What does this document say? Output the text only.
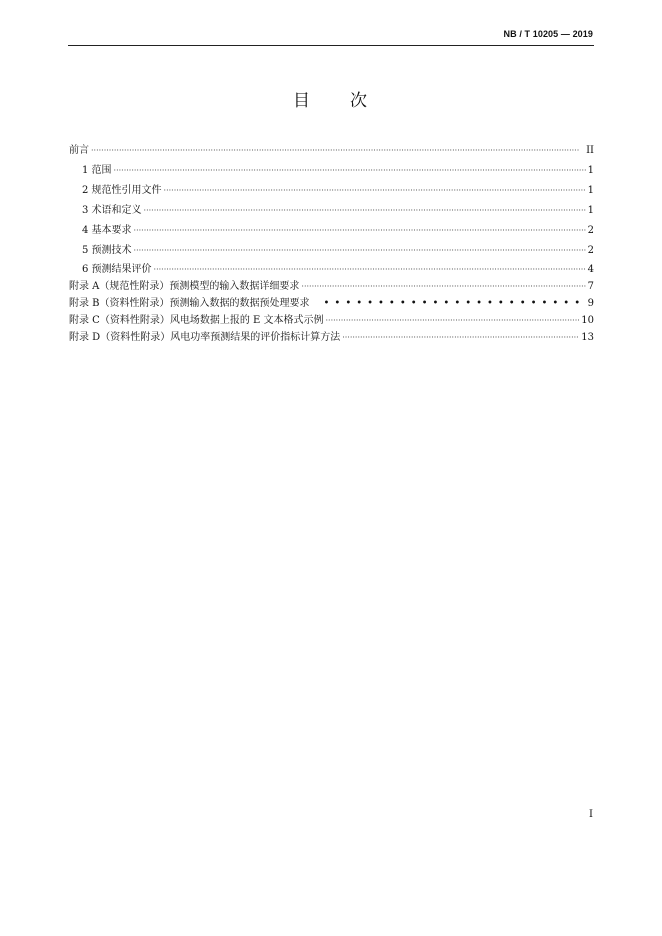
NB / T 10205 — 2019
目 次
前言 ·····	II
1 范围 ·····	1
2 规范性引用文件 ·····	1
3 术语和定义 ·····	1
4 基本要求 ·····	2
5 预测技术 ·····	2
6 预测结果评价 ·····	4
附录 A（规范性附录）预测模型的输入数据详细要求 ·····	7
附录 B（资料性附录）预测输入数据的数据预处理要求 •••••	9
附录 C（资料性附录）风电场数据上报的 E 文本格式示例 ·····	10
附录 D（资料性附录）风电功率预测结果的评价指标计算方法 ·····	13
I
